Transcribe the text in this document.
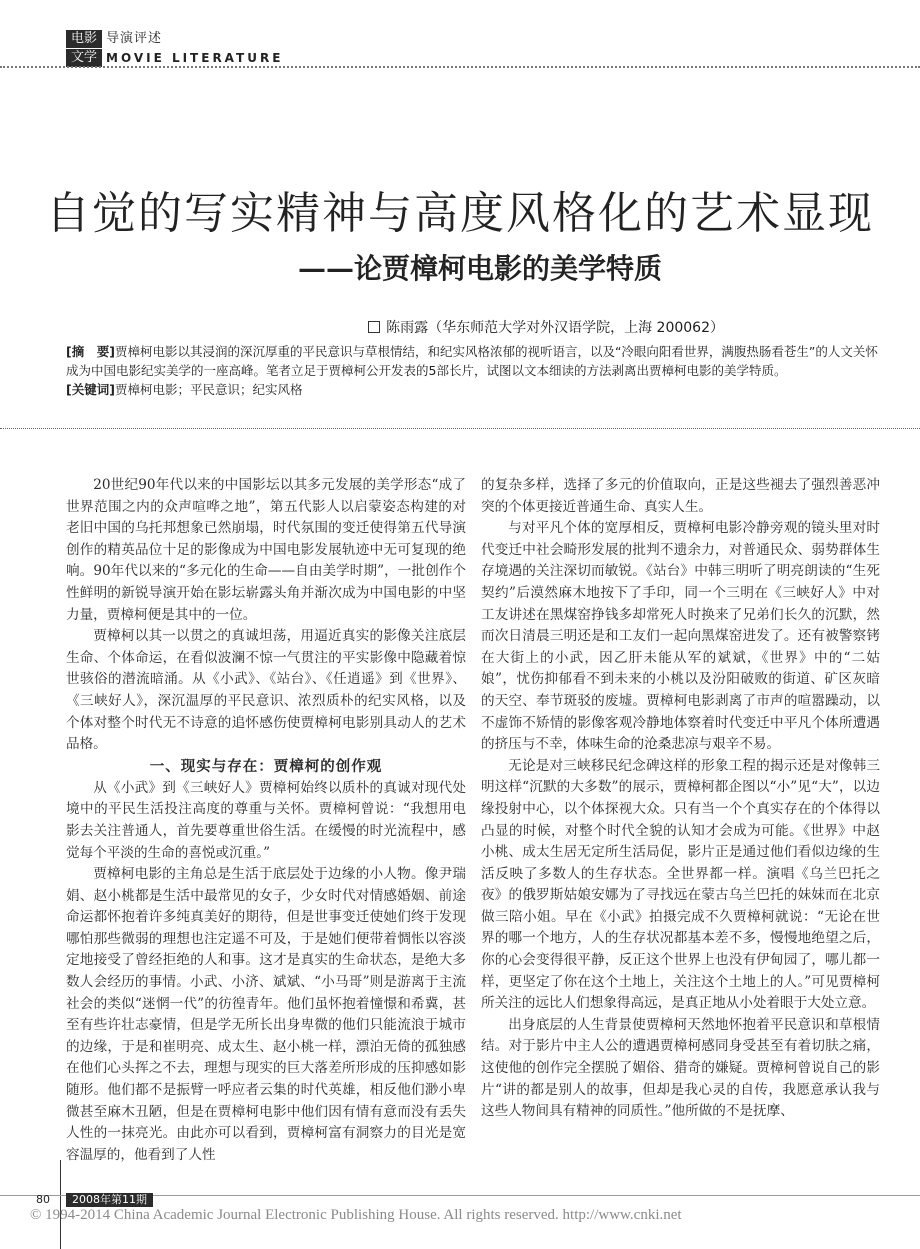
电影
文学
导演评述
MOVIE LITERATURE
自觉的写实精神与高度风格化的艺术显现
——论贾樟柯电影的美学特质
陈雨露（华东师范大学对外汉语学院，上海 200062）

[摘　要]贾樟柯电影以其浸润的深沉厚重的平民意识与草根情结，和纪实风格浓郁的视听语言，以及“冷眼向阳看世界，满腹热肠看苍生”的人文关怀成为中国电影纪实美学的一座高峰。笔者立足于贾樟柯公开发表的5部长片，试图以文本细读的方法剥离出贾樟柯电影的美学特质。

[关键词]贾樟柯电影；平民意识；纪实风格

20世纪90年代以来的中国影坛以其多元发展的美学形态“成了世界范围之内的众声喧哗之地”，第五代影人以启蒙姿态构建的对老旧中国的乌托邦想象已然崩塌，时代氛围的变迁使得第五代导演创作的精英品位十足的影像成为中国电影发展轨迹中无可复现的绝响。90年代以来的“多元化的生命——自由美学时期”，一批创作个性鲜明的新锐导演开始在影坛崭露头角并渐次成为中国电影的中坚力量，贾樟柯便是其中的一位。

贾樟柯以其一以贯之的真诚坦荡，用逼近真实的影像关注底层生命、个体命运，在看似波澜不惊一气贯注的平实影像中隐藏着惊世骇俗的潜流暗涌。从《小武》、《站台》、《任逍遥》到《世界》、《三峡好人》，深沉温厚的平民意识、浓烈质朴的纪实风格，以及个体对整个时代无不诗意的追怀感伤使贾樟柯电影别具动人的艺术品格。

一、现实与存在：贾樟柯的创作观

从《小武》到《三峡好人》贾樟柯始终以质朴的真诚对现代处境中的平民生活投注高度的尊重与关怀。贾樟柯曾说：“我想用电影去关注普通人，首先要尊重世俗生活。在缓慢的时光流程中，感觉每个平淡的生命的喜悦或沉重。”

贾樟柯电影的主角总是生活于底层处于边缘的小人物。像尹瑞娟、赵小桃都是生活中最常见的女子，少女时代对情感婚姻、前途命运都怀抱着许多纯真美好的期待，但是世事变迁使她们终于发现哪怕那些微弱的理想也注定遥不可及，于是她们便带着惆怅以容淡定地接受了曾经拒绝的人和事。这才是真实的生命状态，是绝大多数人会经历的事情。小武、小济、斌斌、“小马哥”则是游离于主流社会的类似“迷惘一代”的彷徨青年。他们虽怀抱着憧憬和希冀，甚至有些许壮志豪情，但是学无所长出身卑微的他们只能流浪于城市的边缘，于是和崔明亮、成太生、赵小桃一样，漂泊无倚的孤独感在他们心头挥之不去，理想与现实的巨大落差所形成的压抑感如影随形。他们都不是振臂一呼应者云集的时代英雄，相反他们渺小卑微甚至麻木丑陋，但是在贾樟柯电影中他们因有情有意而没有丢失人性的一抹亮光。由此亦可以看到，贾樟柯富有洞察力的目光是宽容温厚的，他看到了人性

的复杂多样，选择了多元的价值取向，正是这些褪去了强烈善恶冲突的个体更接近普通生命、真实人生。

与对平凡个体的宽厚相反，贾樟柯电影冷静旁观的镜头里对时代变迁中社会畸形发展的批判不遗余力，对普通民众、弱势群体生存境遇的关注深切而敏锐。《站台》中韩三明听了明亮朗读的“生死契约”后漠然麻木地按下了手印，同一个三明在《三峡好人》中对工友讲述在黑煤窑挣钱多却常死人时换来了兄弟们长久的沉默，然而次日清晨三明还是和工友们一起向黑煤窑进发了。还有被警察铐在大街上的小武，因乙肝未能从军的斌斌，《世界》中的“二姑娘”，忧伤抑郁看不到未来的小桃以及汾阳破败的街道、矿区灰暗的天空、奉节斑驳的废墟。贾樟柯电影剥离了市声的喧嚣躁动，以不虚饰不矫情的影像客观冷静地体察着时代变迁中平凡个体所遭遇的挤压与不幸，体味生命的沧桑悲凉与艰辛不易。

无论是对三峡移民纪念碑这样的形象工程的揭示还是对像韩三明这样“沉默的大多数”的展示，贾樟柯都企图以“小”见“大”，以边缘投射中心，以个体探视大众。只有当一个个真实存在的个体得以凸显的时候，对整个时代全貌的认知才会成为可能。《世界》中赵小桃、成太生居无定所生活局促，影片正是通过他们看似边缘的生活反映了多数人的生存状态。全世界都一样。演唱《乌兰巴托之夜》的俄罗斯姑娘安娜为了寻找远在蒙古乌兰巴托的妹妹而在北京做三陪小姐。早在《小武》拍摄完成不久贾樟柯就说：“无论在世界的哪一个地方，人的生存状况都基本差不多，慢慢地绝望之后，你的心会变得很平静，反正这个世界上也没有伊甸园了，哪儿都一样，更坚定了你在这个土地上，关注这个土地上的人。”可见贾樟柯所关注的远比人们想象得高远，是真正地从小处着眼于大处立意。

出身底层的人生背景使贾樟柯天然地怀抱着平民意识和草根情结。对于影片中主人公的遭遇贾樟柯感同身受甚至有着切肤之痛，这使他的创作完全摆脱了媚俗、猎奇的嫌疑。贾樟柯曾说自己的影片“讲的都是别人的故事，但却是我心灵的自传，我愿意承认我与这些人物间具有精神的同质性。”他所做的不是抚摩、

80	2008年第11期
© 1994-2014 China Academic Journal Electronic Publishing House. All rights reserved. http://www.cnki.net
